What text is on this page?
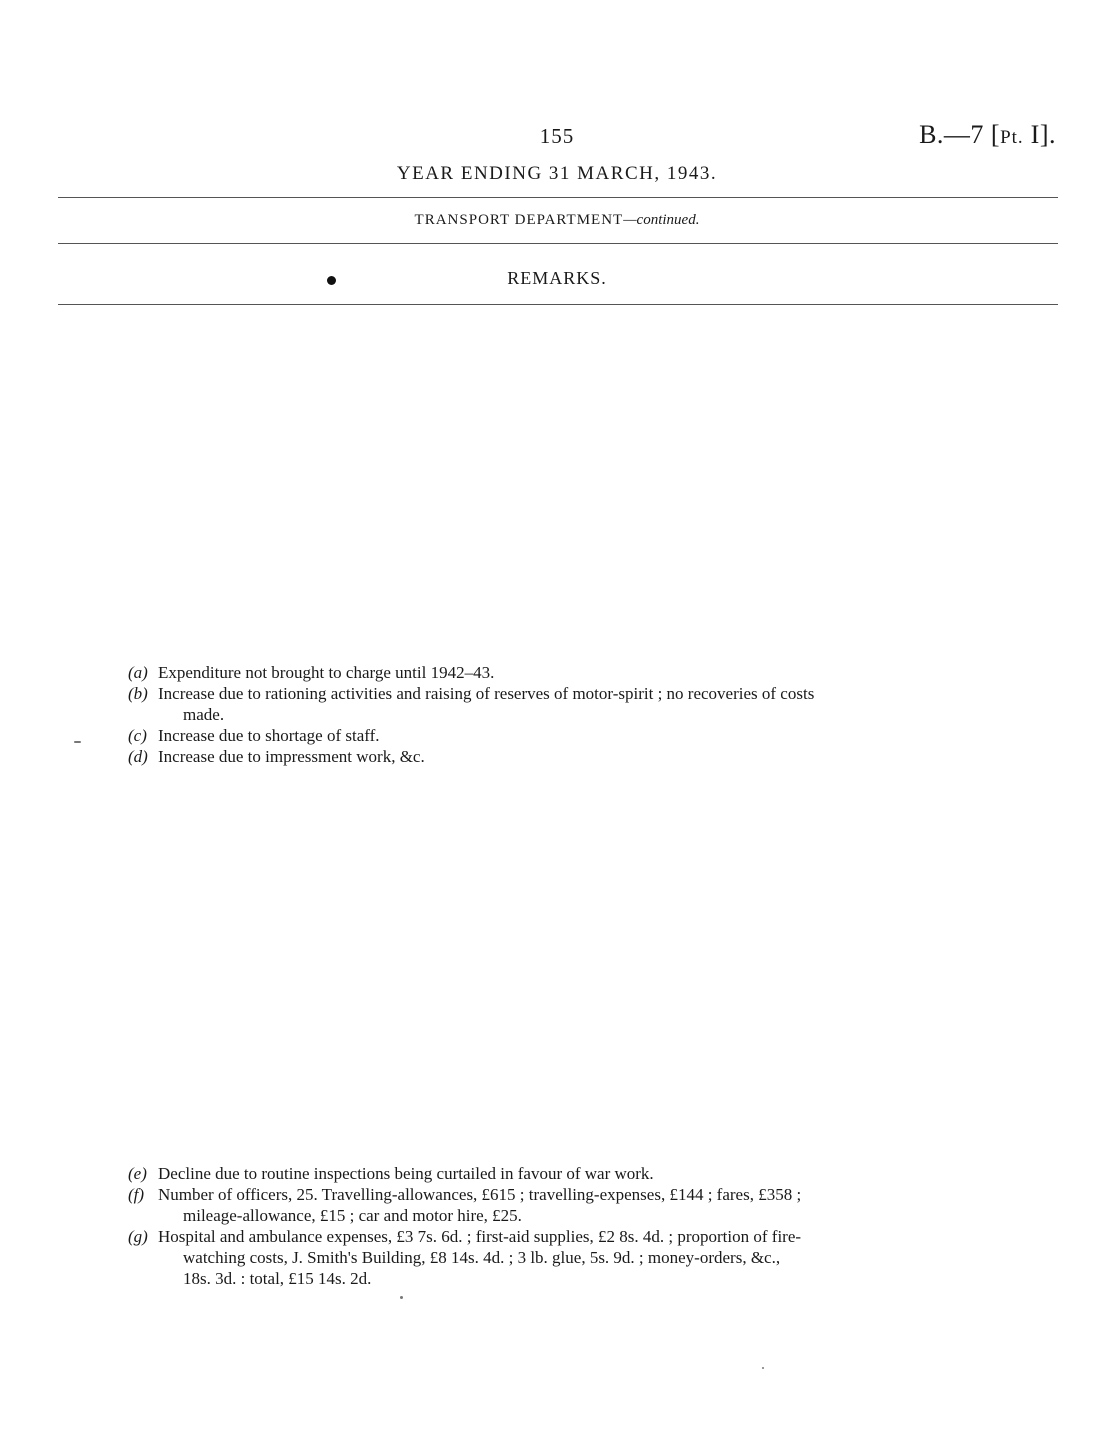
155	B.—7 [Pt. I].
YEAR ENDING 31 MARCH, 1943.
TRANSPORT DEPARTMENT—continued.
REMARKS.
(a) Expenditure not brought to charge until 1942–43.
(b) Increase due to rationing activities and raising of reserves of motor-spirit ; no recoveries of costs
made.
(c) Increase due to shortage of staff.
(d) Increase due to impressment work, &c.
(e) Decline due to routine inspections being curtailed in favour of war work.
(f) Number of officers, 25. Travelling-allowances, £615 ; travelling-expenses, £144 ; fares, £358 ;
mileage-allowance, £15 ; car and motor hire, £25.
(g) Hospital and ambulance expenses, £3 7s. 6d. ; first-aid supplies, £2 8s. 4d. ; proportion of fire-
watching costs, J. Smith's Building, £8 14s. 4d. ; 3 lb. glue, 5s. 9d. ; money-orders, &c.,
18s. 3d. : total, £15 14s. 2d.
